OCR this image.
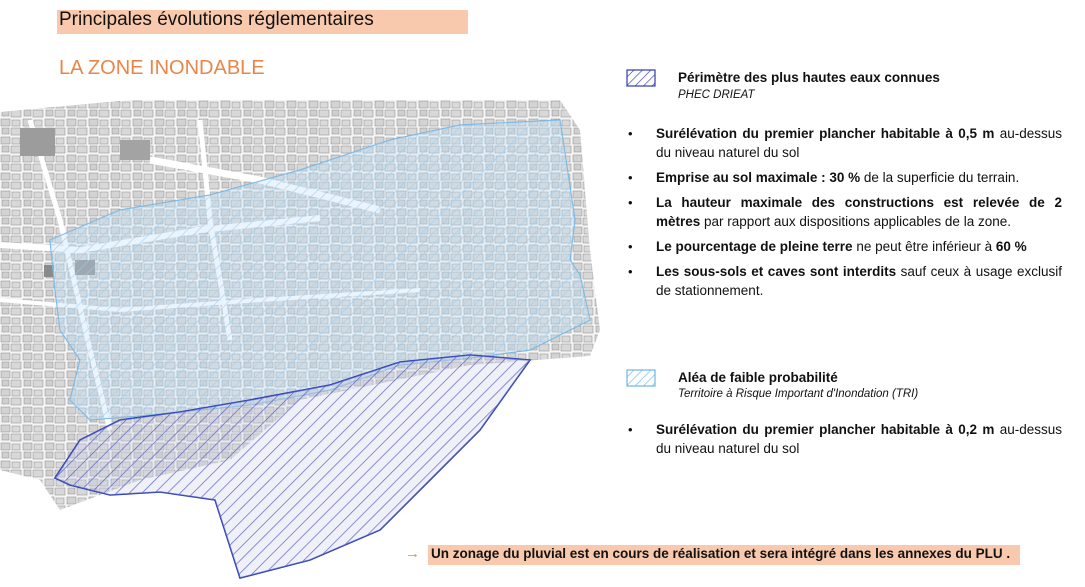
Principales évolutions réglementaires
LA ZONE INONDABLE	Périmètre des plus hautes eaux connues
PHEC DRIEAT
• Surélévation du premier plancher habitable à 0,5 m au-dessus du niveau naturel du sol
• Emprise au sol maximale : 30 % de la superficie du terrain.
• La hauteur maximale des constructions est relevée de 2 mètres par rapport aux dispositions applicables de la zone.
• Le pourcentage de pleine terre ne peut être inférieur à 60 %
• Les sous-sols et caves sont interdits sauf ceux à usage exclusif de stationnement.
Aléa de faible probabilité
Territoire à Risque Important d'Inondation (TRI)
• Surélévation du premier plancher habitable à 0,2 m au-dessus du niveau naturel du sol
→ Un zonage du pluvial est en cours de réalisation et sera intégré dans les annexes du PLU .
